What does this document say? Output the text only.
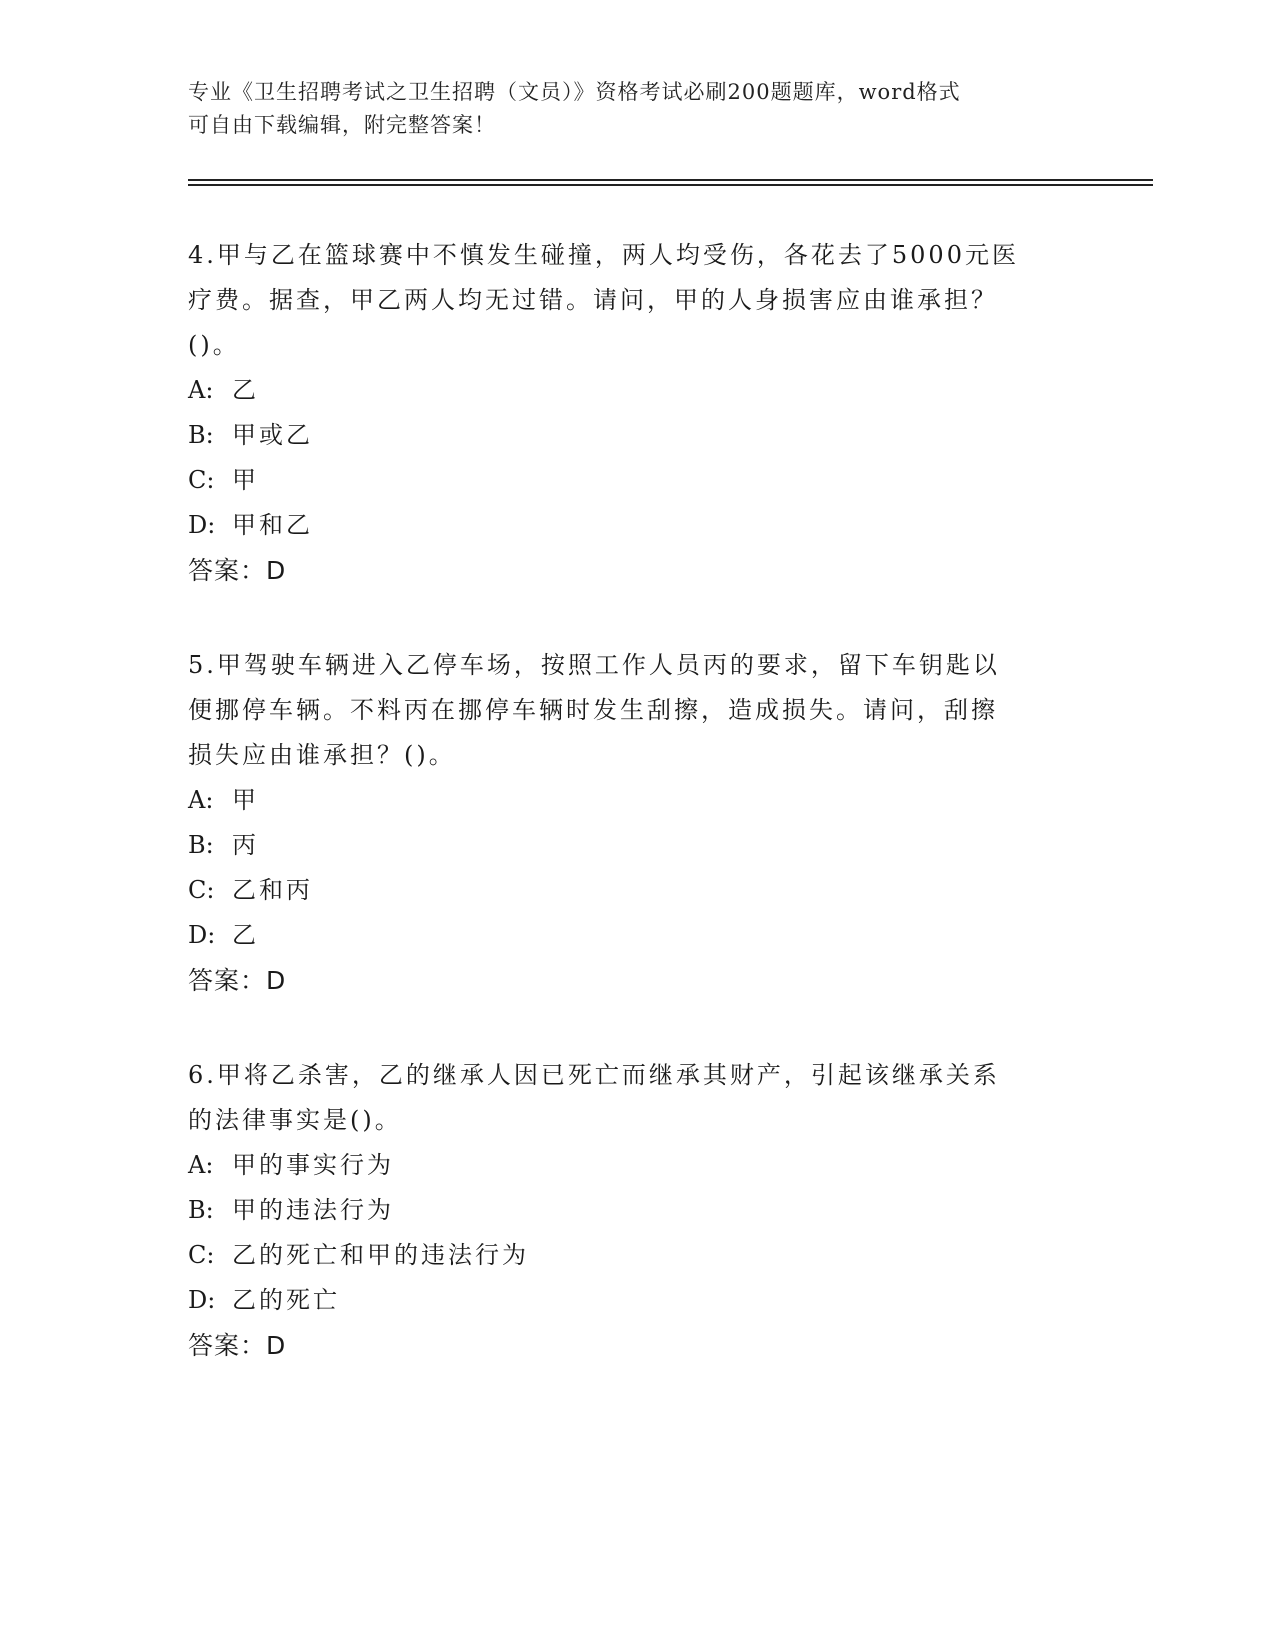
专业《卫生招聘考试之卫生招聘（文员）》资格考试必刷200题题库，word格式
可自由下载编辑，附完整答案！
4.甲与乙在篮球赛中不慎发生碰撞，两人均受伤，各花去了5000元医
疗费。据查，甲乙两人均无过错。请问，甲的人身损害应由谁承担？
()。
A: 乙
B: 甲或乙
C: 甲
D: 甲和乙
答案：D
5.甲驾驶车辆进入乙停车场，按照工作人员丙的要求，留下车钥匙以
便挪停车辆。不料丙在挪停车辆时发生刮擦，造成损失。请问，刮擦
损失应由谁承担？()。
A: 甲
B: 丙
C: 乙和丙
D: 乙
答案：D
6.甲将乙杀害，乙的继承人因已死亡而继承其财产，引起该继承关系
的法律事实是()。
A: 甲的事实行为
B: 甲的违法行为
C: 乙的死亡和甲的违法行为
D: 乙的死亡
答案：D
